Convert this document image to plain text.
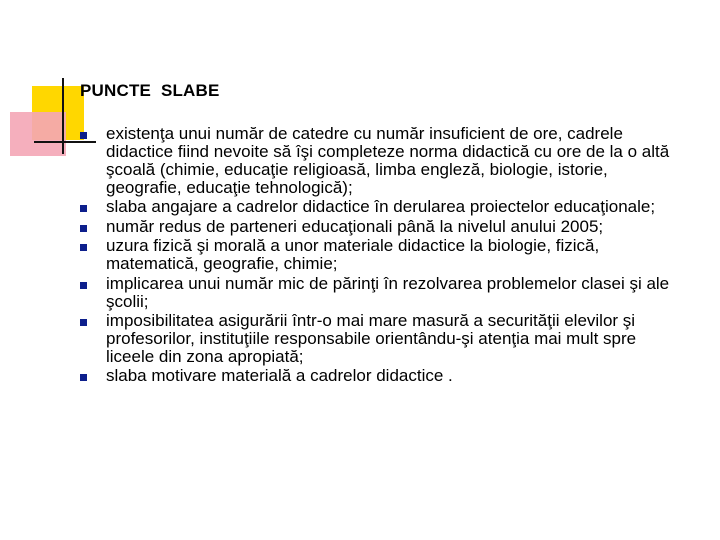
PUNCTE  SLABE
existenţa unui număr de catedre cu număr insuficient de ore, cadrele didactice fiind nevoite să îşi completeze norma didactică cu ore de la o altă şcoală (chimie, educaţie religioasă, limba engleză, biologie, istorie, geografie, educaţie tehnologică);
slaba angajare a cadrelor didactice în derularea proiectelor educaţionale;
număr redus de parteneri educaţionali până la nivelul anului 2005;
uzura fizică şi morală a unor materiale didactice la biologie, fizică, matematică, geografie, chimie;
implicarea unui număr mic de părinţi în rezolvarea problemelor clasei şi ale şcolii;
imposibilitatea asigurării într-o mai mare masură a securităţii elevilor şi profesorilor, instituţiile responsabile orientându-şi atenţia mai mult spre liceele din zona apropiată;
slaba motivare materială a cadrelor didactice .
